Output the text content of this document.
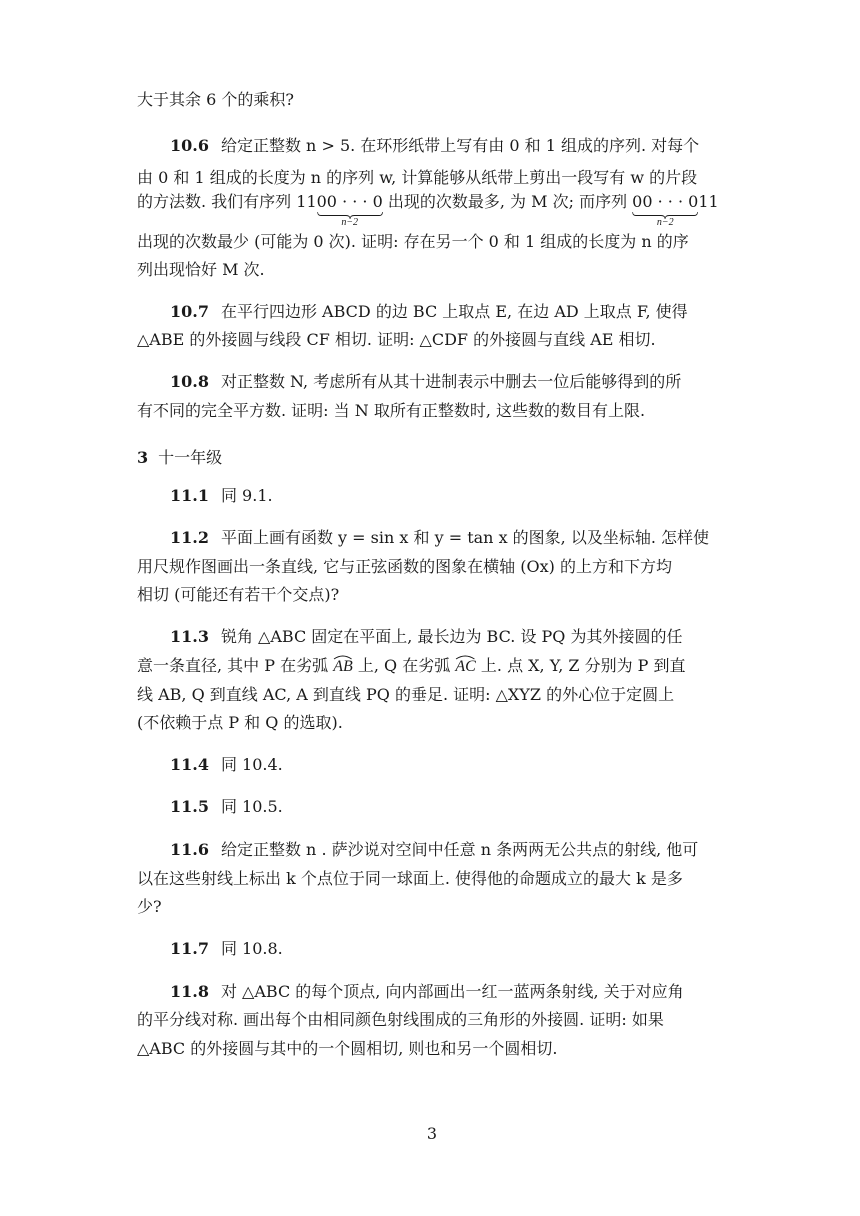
大于其余 6 个的乘积?
10.6 给定正整数 n > 5. 在环形纸带上写有由 0 和 1 组成的序列. 对每个
由 0 和 1 组成的长度为 n 的序列 w, 计算能够从纸带上剪出一段写有 w 的片段
的方法数. 我们有序列 1100 · · · 0
n−2
出现的次数最多, 为 M 次; 而序列 00 · · · 0
n−2
11
出现的次数最少 (可能为 0 次). 证明: 存在另一个 0 和 1 组成的长度为 n 的序
列出现恰好 M 次.
10.7 在平行四边形 ABCD 的边 BC 上取点 E, 在边 AD 上取点 F, 使得
△ABE 的外接圆与线段 CF 相切. 证明: △CDF 的外接圆与直线 AE 相切.
10.8 对正整数 N, 考虑所有从其十进制表示中删去一位后能够得到的所
有不同的完全平方数. 证明: 当 N 取所有正整数时, 这些数的数目有上限.
3 十一年级
11.1 同 9.1.
11.2 平面上画有函数 y = sin x 和 y = tan x 的图象, 以及坐标轴. 怎样使
用尺规作图画出一条直线, 它与正弦函数的图象在横轴 (Ox) 的上方和下方均
相切 (可能还有若干个交点)?
11.3 锐角 △ABC 固定在平面上, 最长边为 BC. 设 PQ 为其外接圆的任
意一条直径, 其中 P 在劣弧 AB 上, Q 在劣弧 AC 上. 点 X, Y, Z 分别为 P 到直
线 AB, Q 到直线 AC, A 到直线 PQ 的垂足. 证明: △XYZ 的外心位于定圆上
(不依赖于点 P 和 Q 的选取).
11.4 同 10.4.
11.5 同 10.5.
11.6 给定正整数 n . 萨沙说对空间中任意 n 条两两无公共点的射线, 他可
以在这些射线上标出 k 个点位于同一球面上. 使得他的命题成立的最大 k 是多
少?
11.7 同 10.8.
11.8 对 △ABC 的每个顶点, 向内部画出一红一蓝两条射线, 关于对应角
的平分线对称. 画出每个由相同颜色射线围成的三角形的外接圆. 证明: 如果
△ABC 的外接圆与其中的一个圆相切, 则也和另一个圆相切.
3
